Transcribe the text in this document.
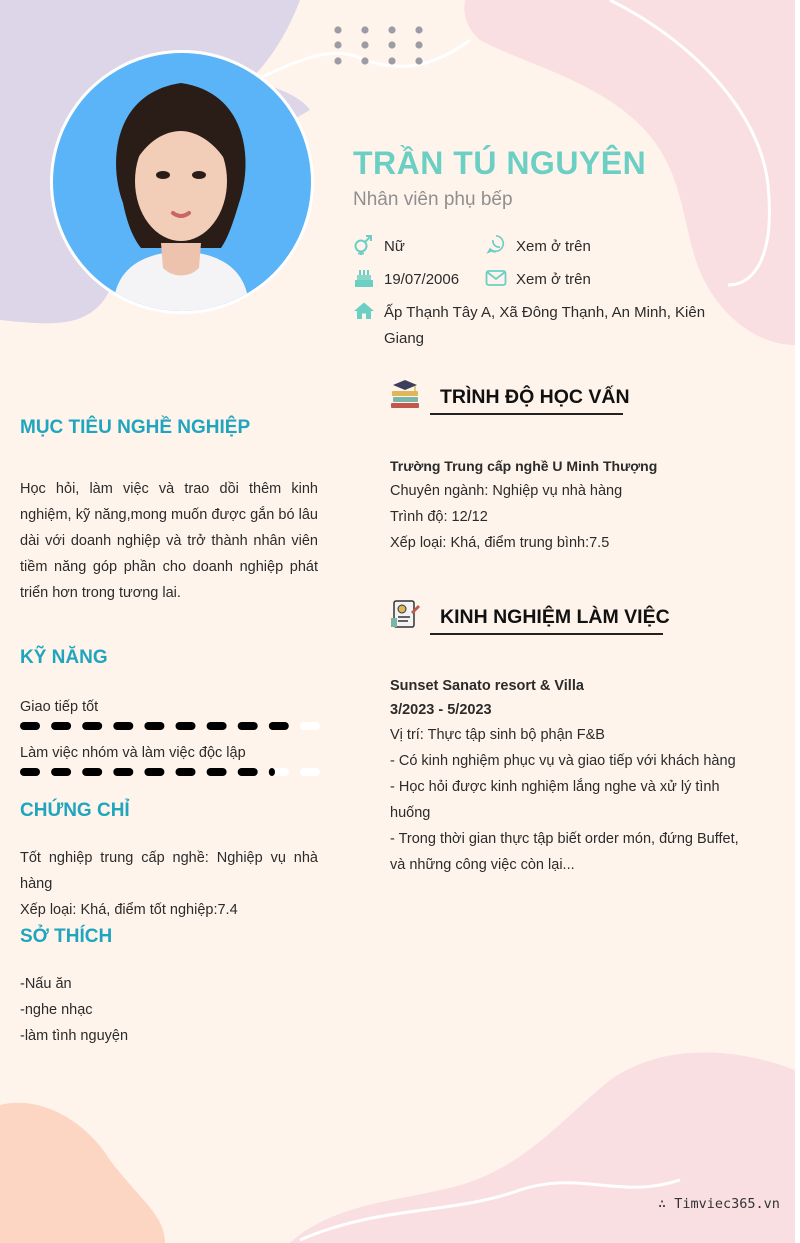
TRẦN TÚ NGUYÊN
Nhân viên phụ bếp
Nữ	Xem ở trên
19/07/2006	Xem ở trên
Ấp Thạnh Tây A, Xã Đông Thạnh, An Minh, Kiên
Giang
MỤC TIÊU NGHỀ NGHIỆP
Học hỏi, làm việc và trao dồi thêm kinh nghiệm, kỹ năng,mong muốn được gắn bó lâu dài với doanh nghiệp và trở thành nhân viên tiềm năng góp phần cho doanh nghiệp phát triển hơn trong tương lai.
KỸ NĂNG
Giao tiếp tốt
Làm việc nhóm và làm việc độc lập
CHỨNG CHỈ
Tốt nghiệp trung cấp nghề: Nghiệp vụ nhà hàng
Xếp loại: Khá, điểm tốt nghiệp:7.4
SỞ THÍCH
-Nấu ăn
-nghe nhạc
-làm tình nguyện
TRÌNH ĐỘ HỌC VẤN
Trường Trung cấp nghề U Minh Thượng
Chuyên ngành: Nghiệp vụ nhà hàng
Trình độ: 12/12
Xếp loại: Khá, điểm trung bình:7.5
KINH NGHIỆM LÀM VIỆC
Sunset Sanato resort & Villa
3/2023 - 5/2023
Vị trí: Thực tập sinh bộ phận F&B
- Có kinh nghiệm phục vụ và giao tiếp với khách hàng
- Học hỏi được kinh nghiệm lắng nghe và xử lý tình
huống
- Trong thời gian thực tập biết order món, đứng Buffet,
và những công việc còn lại...
∴ Timviec365.vn
